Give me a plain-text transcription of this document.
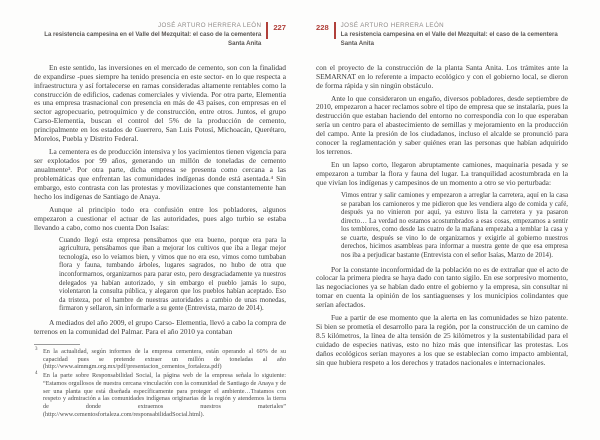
JOSÉ ARTURO HERRERA LEÓN
La resistencia campesina en el Valle del Mezquital: el caso de la cementera Santa Anita
227

En este sentido, las inversiones en el mercado de cemento, son con la finalidad de expandirse -pues siempre ha tenido presencia en este sector- en lo que respecta a infraestructura y así fortalecerse en ramas consideradas altamente rentables como la construcción de edificios, cadenas comerciales y vivienda. Por otra parte, Elementia es una empresa trasnacional con presencia en más de 43 países, con empresas en el sector agropecuario, petroquímico y de construcción, entre otros. Juntos, el grupo Carso-Elementia, buscan el control del 5% de la producción de cemento, principalmente en los estados de Guerrero, San Luis Potosí, Michoacán, Querétaro, Morelos, Puebla y Distrito Federal.

La cementera es de producción intensiva y los yacimientos tienen vigencia para ser explotados por 99 años, generando un millón de toneladas de cemento anualmente³. Por otra parte, dicha empresa se presenta como cercana a las problemáticas que enfrentan las comunidades indígenas donde está asentada.⁴ Sin embargo, esto contrasta con las protestas y movilizaciones que constantemente han hecho los indígenas de Santiago de Anaya.

Aunque al principio todo era confusión entre los pobladores, algunos empezaron a cuestionar el actuar de las autoridades, pues algo turbio se estaba llevando a cabo, como nos cuenta Don Isaías:

Cuando llegó esta empresa pensábamos que era bueno, porque era para la agricultura, pensábamos que iban a mejorar los cultivos que iba a llegar mejor tecnología, eso lo veíamos bien, y vimos que no era eso, vimos como tumbaban flora y fauna, tumbando árboles, lugares sagrados, no hubo de otra que inconformarnos, organizarnos para parar esto, pero desgraciadamente ya nuestros delegados ya habían autorizado, y sin embargo el pueblo jamás lo supo, violentaron la consulta pública, y alegaron que los pueblos habían aceptado. Eso da tristeza, por el hambre de nuestras autoridades a cambio de unas monedas, firmaron y sellaron, sin informarle a su gente (Entrevista, marzo de 2014).

A mediados del año 2009, el grupo Carso- Elementia, llevó a cabo la compra de terrenos en la comunidad del Palmar. Para el año 2010 ya contaban

3 En la actualidad, según informes de la empresa cementera, están operando al 60% de su capacidad pues se pretende extraer un millón de toneladas al año (http://www.aimmgm.org.mx/pdf/presentacion_cementos_fortaleza.pdf)
4 En la parte sobre Responsabilidad Social, la página web de la empresa señala lo siguiente: “Estamos orgullosos de nuestra cercana vinculación con la comunidad de Santiago de Anaya y de ser una planta que está diseñada específicamente para proteger el ambiente…Tratamos con respeto y admiración a las comunidades indígenas originarias de la región y atendemos la tierra de donde extraemos nuestros materiales” (http://www.cementosfortaleza.com/responsabilidadSocial.html).
228 JOSÉ ARTURO HERRERA LEÓN
La resistencia campesina en el Valle del Mezquital: el caso de la cementera Santa Anita

con el proyecto de la construcción de la planta Santa Anita. Los trámites ante la SEMARNAT en lo referente a impacto ecológico y con el gobierno local, se dieron de forma rápida y sin ningún obstáculo.

Ante lo que consideraron un engaño, diversos pobladores, desde septiembre de 2010, empezaron a hacer reclamos sobre el tipo de empresa que se instalaría, pues la destrucción que estaban haciendo del entorno no correspondía con lo que esperaban sería un centro para el abastecimiento de semillas y mejoramiento en la producción del campo. Ante la presión de los ciudadanos, incluso el alcalde se pronunció para conocer la reglamentación y saber quiénes eran las personas que habían adquirido los terrenos.

En un lapso corto, llegaron abruptamente camiones, maquinaria pesada y se empezaron a tumbar la flora y fauna del lugar. La tranquilidad acostumbrada en la que vivían los indígenas y campesinos de un momento a otro se vio perturbada:

Vimos entrar y salir camiones y empezaron a arreglar la carretera, aquí en la casa se paraban los camioneros y me pidieron que les vendiera algo de comida y café, después ya no vinieron por aquí, ya estuvo lista la carretera y ya pasaron directo… La verdad no estamos acostumbrados a esas cosas, empezamos a sentir los temblores, como desde las cuatro de la mañana empezaba a temblar la casa y se cuarte, después se vino lo de organizarnos y exigirle al gobierno nuestros derechos, hicimos asambleas para informar a nuestra gente de que esa empresa nos iba a perjudicar bastante (Entrevista con el señor Isaías, Marzo de 2014).

Por la constante inconformidad de la población no es de extrañar que el acto de colocar la primera piedra se haya dado con tanto sigilo. En ese sorpresivo momento, las negociaciones ya se habían dado entre el gobierno y la empresa, sin consultar ni tomar en cuenta la opinión de los santiaguenses y los municipios colindantes que serían afectados.

Fue a partir de ese momento que la alerta en las comunidades se hizo patente. Si bien se prometía el desarrollo para la región, por la construcción de un camino de 8.5 kilómetros, la línea de alta tensión de 25 kilómetros y la sustentabilidad para el cuidado de especies nativas, esto no hizo más que intensificar las protestas. Los daños ecológicos serían mayores a los que se establecían como impacto ambiental, sin que hubiera respeto a los derechos y tratados nacionales e internacionales.
